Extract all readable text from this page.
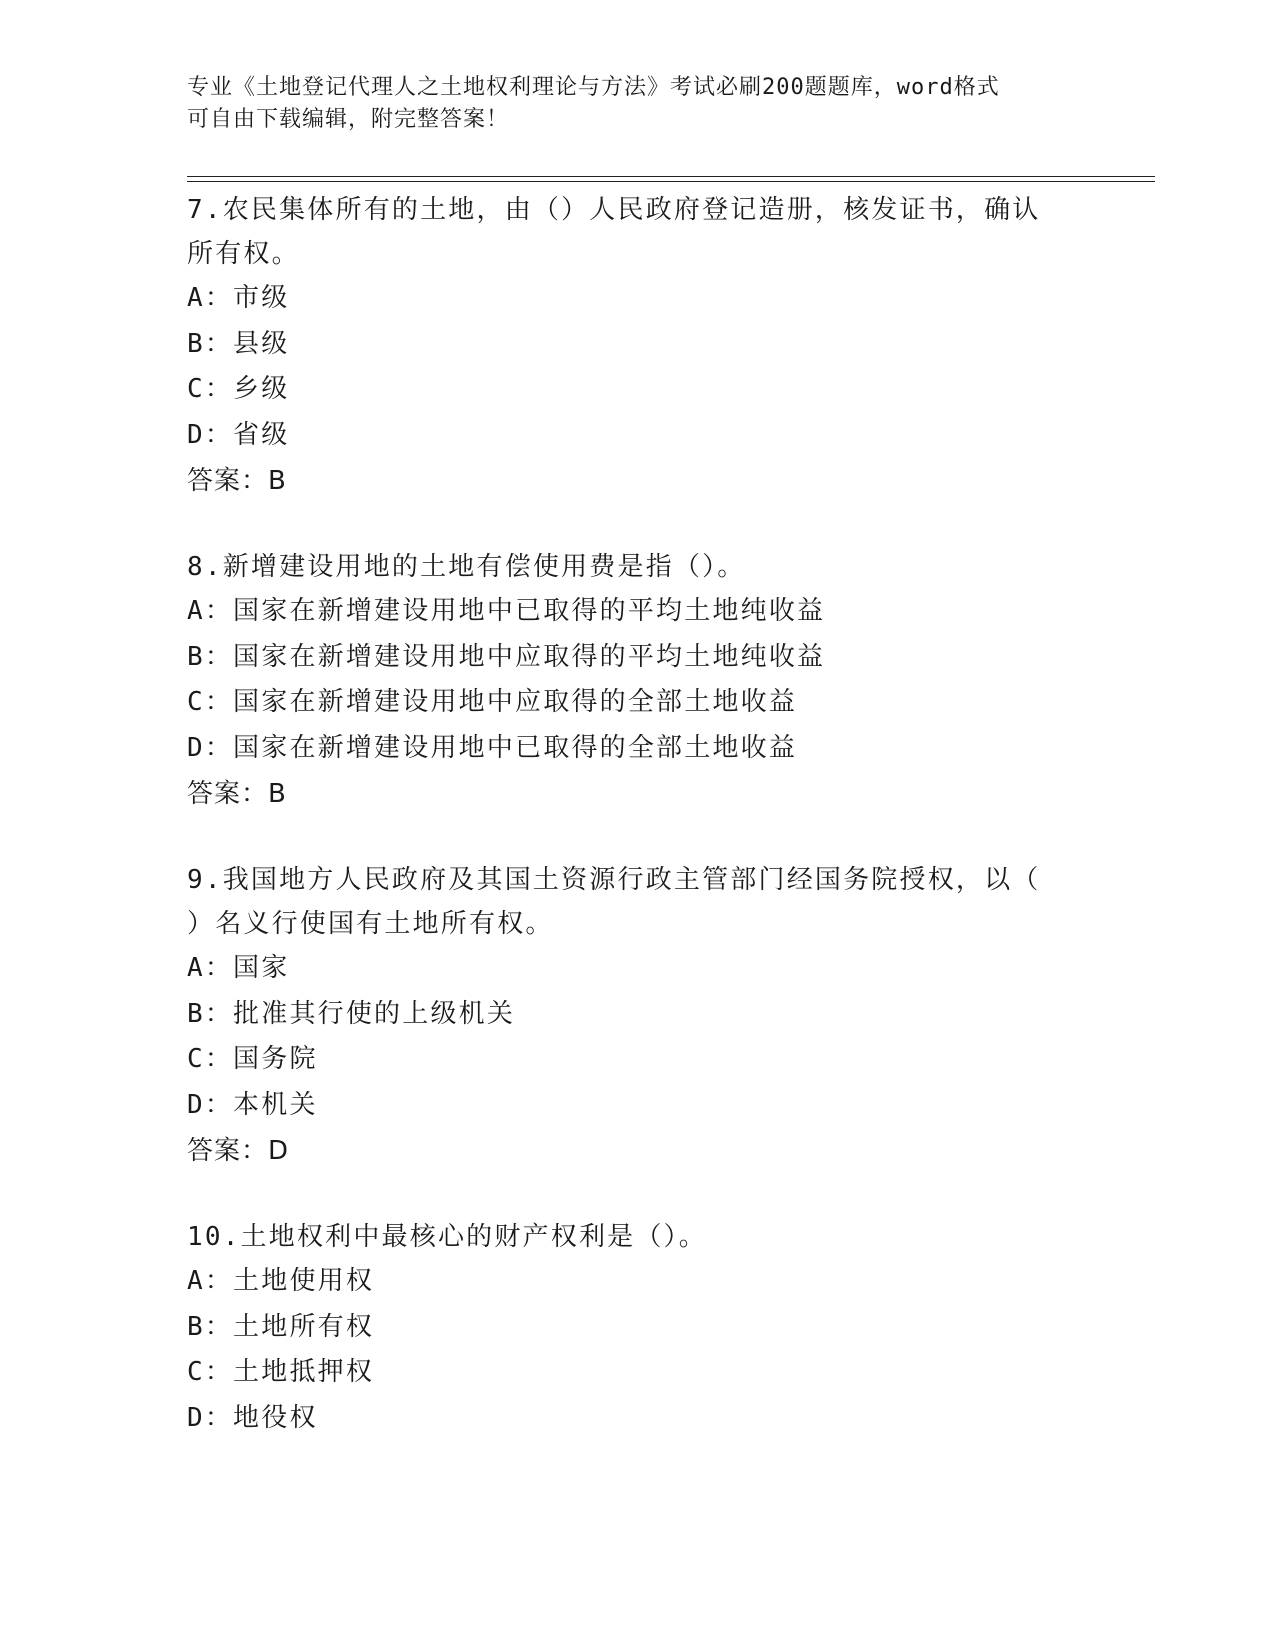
专业《土地登记代理人之土地权利理论与方法》考试必刷200题题库，word格式
可自由下载编辑，附完整答案！
7.农民集体所有的土地，由（）人民政府登记造册，核发证书，确认
所有权。
A：市级
B：县级
C：乡级
D：省级
答案：B
8.新增建设用地的土地有偿使用费是指（）。
A：国家在新增建设用地中已取得的平均土地纯收益
B：国家在新增建设用地中应取得的平均土地纯收益
C：国家在新增建设用地中应取得的全部土地收益
D：国家在新增建设用地中已取得的全部土地收益
答案：B
9.我国地方人民政府及其国土资源行政主管部门经国务院授权，以（
）名义行使国有土地所有权。
A：国家
B：批准其行使的上级机关
C：国务院
D：本机关
答案：D
10.土地权利中最核心的财产权利是（）。
A：土地使用权
B：土地所有权
C：土地抵押权
D：地役权
